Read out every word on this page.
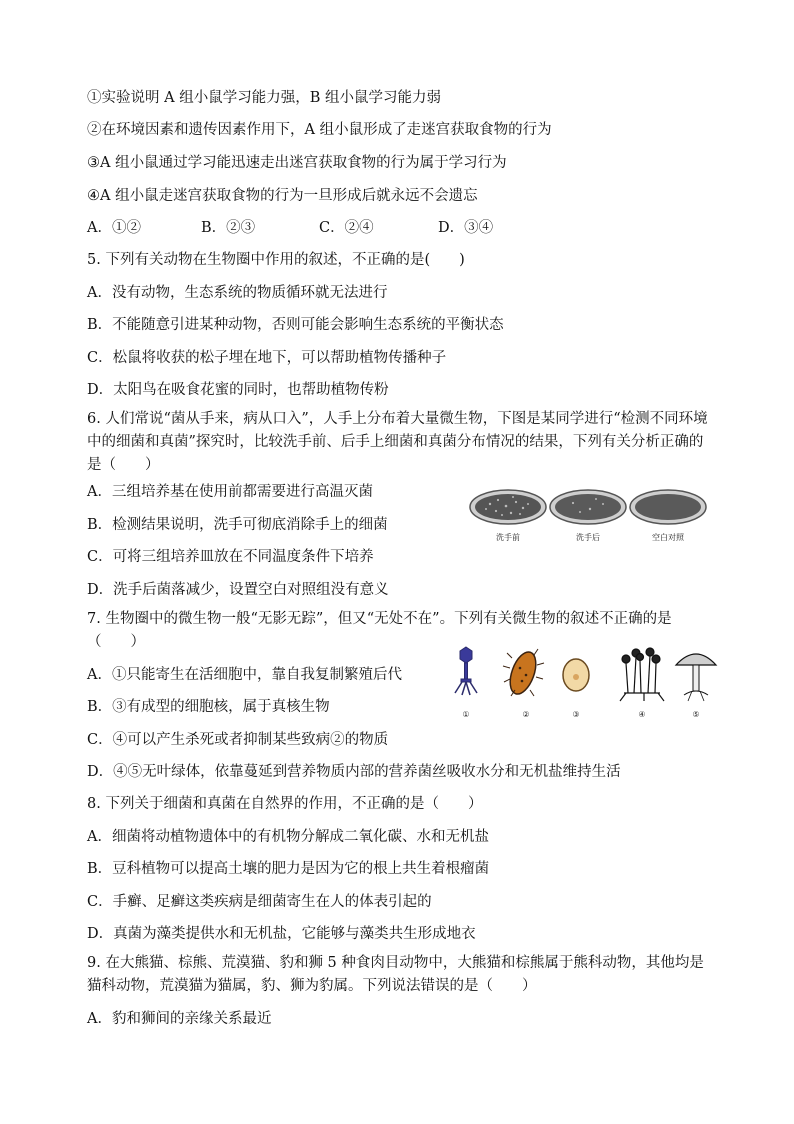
①实验说明 A 组小鼠学习能力强，B 组小鼠学习能力弱
②在环境因素和遗传因素作用下，A 组小鼠形成了走迷宫获取食物的行为
③A 组小鼠通过学习能迅速走出迷宫获取食物的行为属于学习行为
④A 组小鼠走迷宫获取食物的行为一旦形成后就永远不会遗忘
A．①②	B．②③	C．②④	D．③④
5. 下列有关动物在生物圈中作用的叙述，不正确的是(　　)
A．没有动物，生态系统的物质循环就无法进行
B．不能随意引进某种动物，否则可能会影响生态系统的平衡状态
C．松鼠将收获的松子埋在地下，可以帮助植物传播种子
D．太阳鸟在吸食花蜜的同时，也帮助植物传粉
6. 人们常说“菌从手来，病从口入”，人手上分布着大量微生物，下图是某同学进行“检测不同环境中的细菌和真菌”探究时，比较洗手前、后手上细菌和真菌分布情况的结果，下列有关分析正确的是（　　）
A．三组培养基在使用前都需要进行高温灭菌
B．检测结果说明，洗手可彻底消除手上的细菌
C．可将三组培养皿放在不同温度条件下培养
D．洗手后菌落减少，设置空白对照组没有意义
洗手前	洗手后	空白对照
7. 生物圈中的微生物一般“无影无踪”，但又“无处不在”。下列有关微生物的叙述不正确的是（　　）
A．①只能寄生在活细胞中，靠自我复制繁殖后代
B．③有成型的细胞核，属于真核生物
C．④可以产生杀死或者抑制某些致病②的物质
D．④⑤无叶绿体，依靠蔓延到营养物质内部的营养菌丝吸收水分和无机盐维持生活
①	②	③	④	⑤
8. 下列关于细菌和真菌在自然界的作用，不正确的是（　　）
A．细菌将动植物遗体中的有机物分解成二氧化碳、水和无机盐
B．豆科植物可以提高土壤的肥力是因为它的根上共生着根瘤菌
C．手癣、足癣这类疾病是细菌寄生在人的体表引起的
D．真菌为藻类提供水和无机盐，它能够与藻类共生形成地衣
9. 在大熊猫、棕熊、荒漠猫、豹和狮 5 种食肉目动物中，大熊猫和棕熊属于熊科动物，其他均是猫科动物，荒漠猫为猫属，豹、狮为豹属。下列说法错误的是（　　）
A．豹和狮间的亲缘关系最近
